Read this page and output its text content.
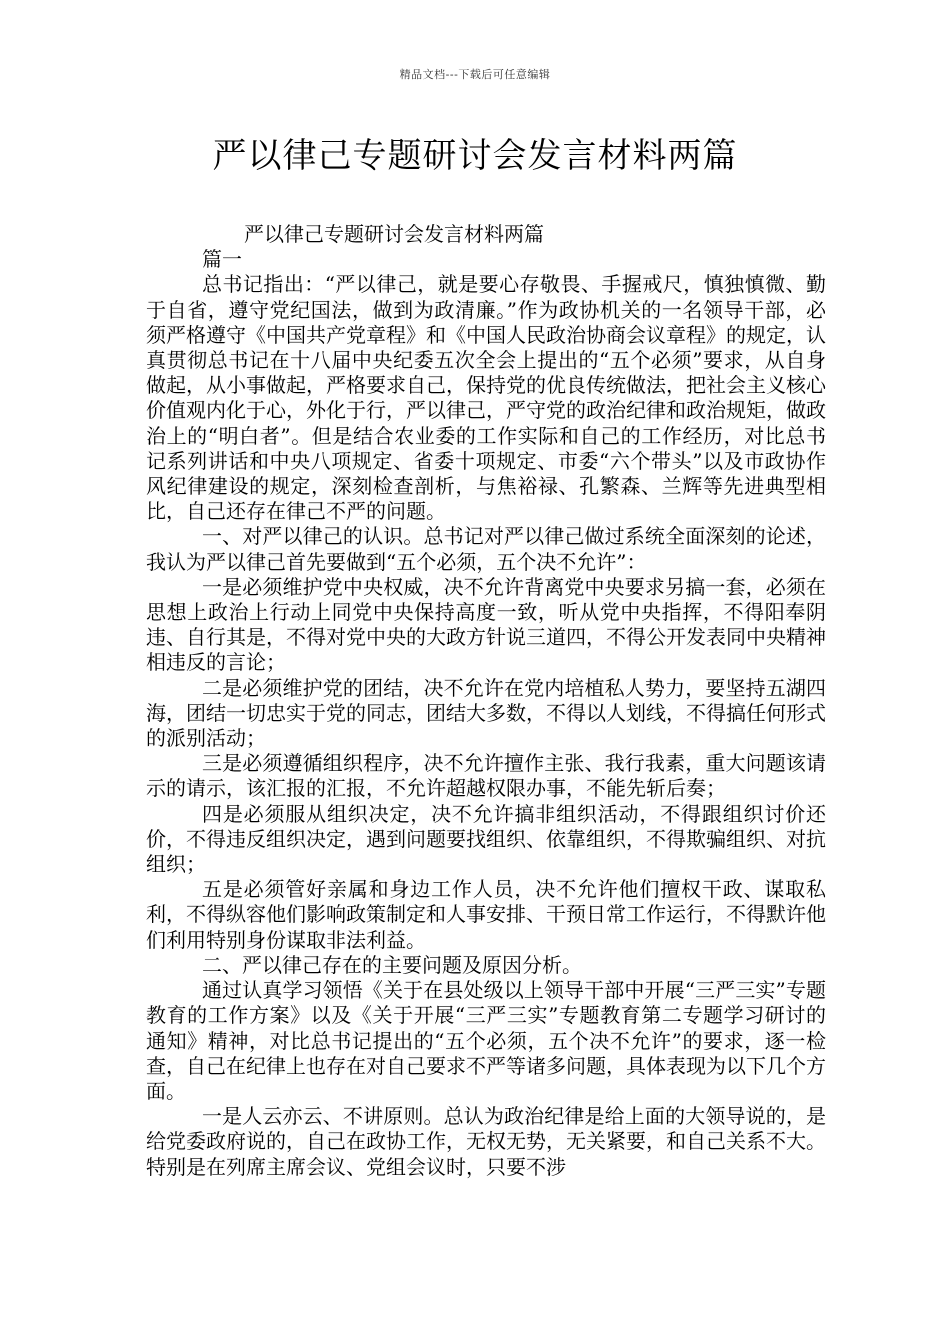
精品文档---下载后可任意编辑
严以律己专题研讨会发言材料两篇

严以律己专题研讨会发言材料两篇

篇一

总书记指出：“严以律己，就是要心存敬畏、手握戒尺，慎独慎微、勤于自省，遵守党纪国法，做到为政清廉。”作为政协机关的一名领导干部，必须严格遵守《中国共产党章程》和《中国人民政治协商会议章程》的规定，认真贯彻总书记在十八届中央纪委五次全会上提出的“五个必须”要求，从自身做起，从小事做起，严格要求自己，保持党的优良传统做法，把社会主义核心价值观内化于心，外化于行，严以律己，严守党的政治纪律和政治规矩，做政治上的“明白者”。但是结合农业委的工作实际和自己的工作经历，对比总书记系列讲话和中央八项规定、省委十项规定、市委“六个带头”以及市政协作风纪律建设的规定，深刻检查剖析，与焦裕禄、孔繁森、兰辉等先进典型相比，自己还存在律己不严的问题。

一、对严以律己的认识。总书记对严以律己做过系统全面深刻的论述，我认为严以律己首先要做到“五个必须，五个决不允许”：

一是必须维护党中央权威，决不允许背离党中央要求另搞一套，必须在思想上政治上行动上同党中央保持高度一致，听从党中央指挥，不得阳奉阴违、自行其是，不得对党中央的大政方针说三道四，不得公开发表同中央精神相违反的言论；

二是必须维护党的团结，决不允许在党内培植私人势力，要坚持五湖四海，团结一切忠实于党的同志，团结大多数，不得以人划线，不得搞任何形式的派别活动；

三是必须遵循组织程序，决不允许擅作主张、我行我素，重大问题该请示的请示，该汇报的汇报，不允许超越权限办事，不能先斩后奏；

四是必须服从组织决定，决不允许搞非组织活动，不得跟组织讨价还价，不得违反组织决定，遇到问题要找组织、依靠组织，不得欺骗组织、对抗组织；

五是必须管好亲属和身边工作人员，决不允许他们擅权干政、谋取私利，不得纵容他们影响政策制定和人事安排、干预日常工作运行，不得默许他们利用特别身份谋取非法利益。

二、严以律己存在的主要问题及原因分析。

通过认真学习领悟《关于在县处级以上领导干部中开展“三严三实”专题教育的工作方案》以及《关于开展“三严三实”专题教育第二专题学习研讨的通知》精神，对比总书记提出的“五个必须，五个决不允许”的要求，逐一检查，自己在纪律上也存在对自己要求不严等诸多问题，具体表现为以下几个方面。

一是人云亦云、不讲原则。总认为政治纪律是给上面的大领导说的，是给党委政府说的，自己在政协工作，无权无势，无关紧要，和自己关系不大。特别是在列席主席会议、党组会议时，只要不涉
